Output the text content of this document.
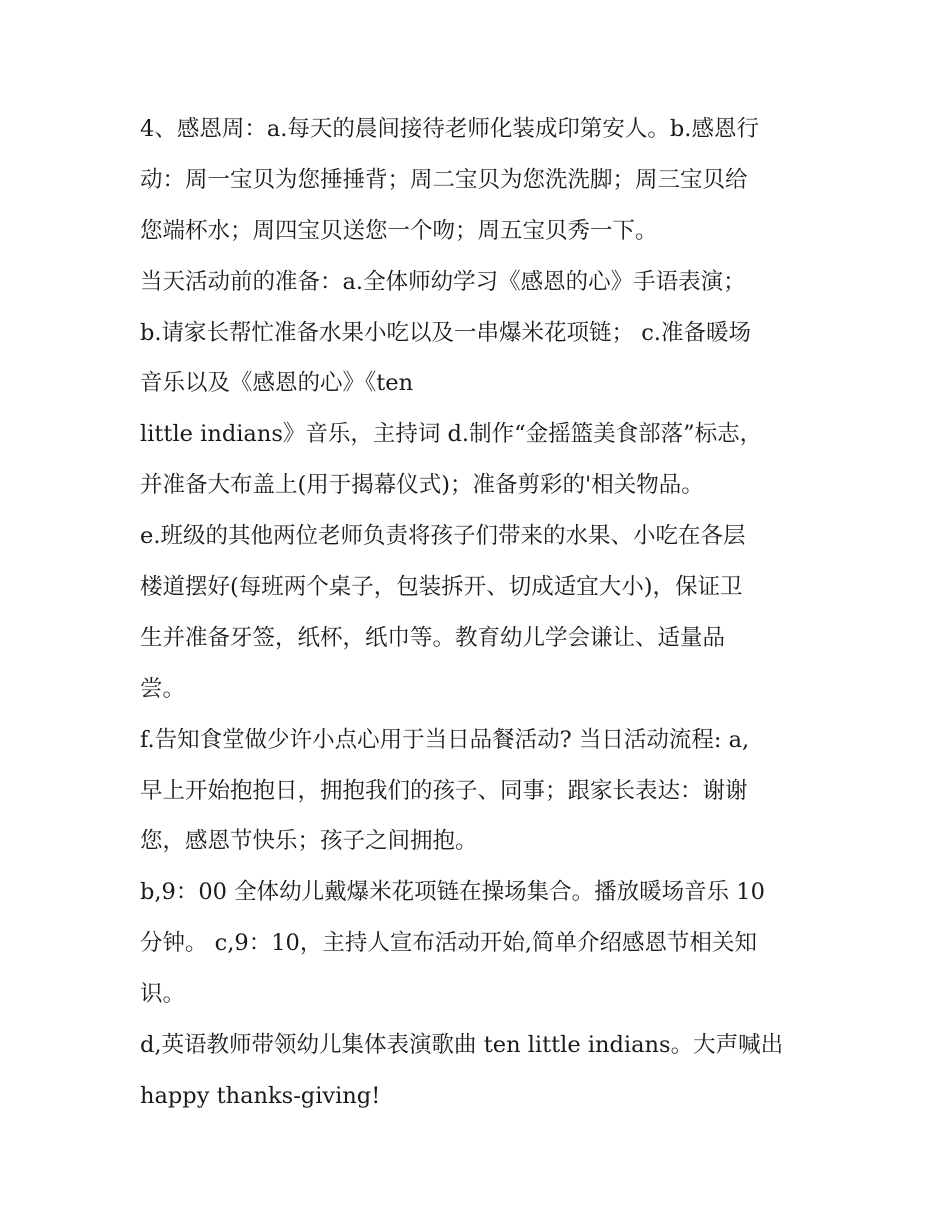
4、感恩周：a.每天的晨间接待老师化装成印第安人。b.感恩行
动：周一宝贝为您捶捶背；周二宝贝为您洗洗脚；周三宝贝给
您端杯水；周四宝贝送您一个吻；周五宝贝秀一下。
当天活动前的准备：a.全体师幼学习《感恩的心》手语表演；
b.请家长帮忙准备水果小吃以及一串爆米花项链； c.准备暖场
音乐以及《感恩的心》《ten
little indians》音乐，主持词 d.制作“金摇篮美食部落”标志，
并准备大布盖上(用于揭幕仪式)；准备剪彩的'相关物品。
e.班级的其他两位老师负责将孩子们带来的水果、小吃在各层
楼道摆好(每班两个桌子，包装拆开、切成适宜大小)，保证卫
生并准备牙签，纸杯，纸巾等。教育幼儿学会谦让、适量品
尝。
f.告知食堂做少许小点心用于当日品餐活动? 当日活动流程: a,
早上开始抱抱日，拥抱我们的孩子、同事；跟家长表达：谢谢
您，感恩节快乐；孩子之间拥抱。
b,9：00 全体幼儿戴爆米花项链在操场集合。播放暖场音乐 10
分钟。 c,9：10，主持人宣布活动开始,简单介绍感恩节相关知
识。
d,英语教师带领幼儿集体表演歌曲 ten little indians。大声喊出
happy thanks-giving!
